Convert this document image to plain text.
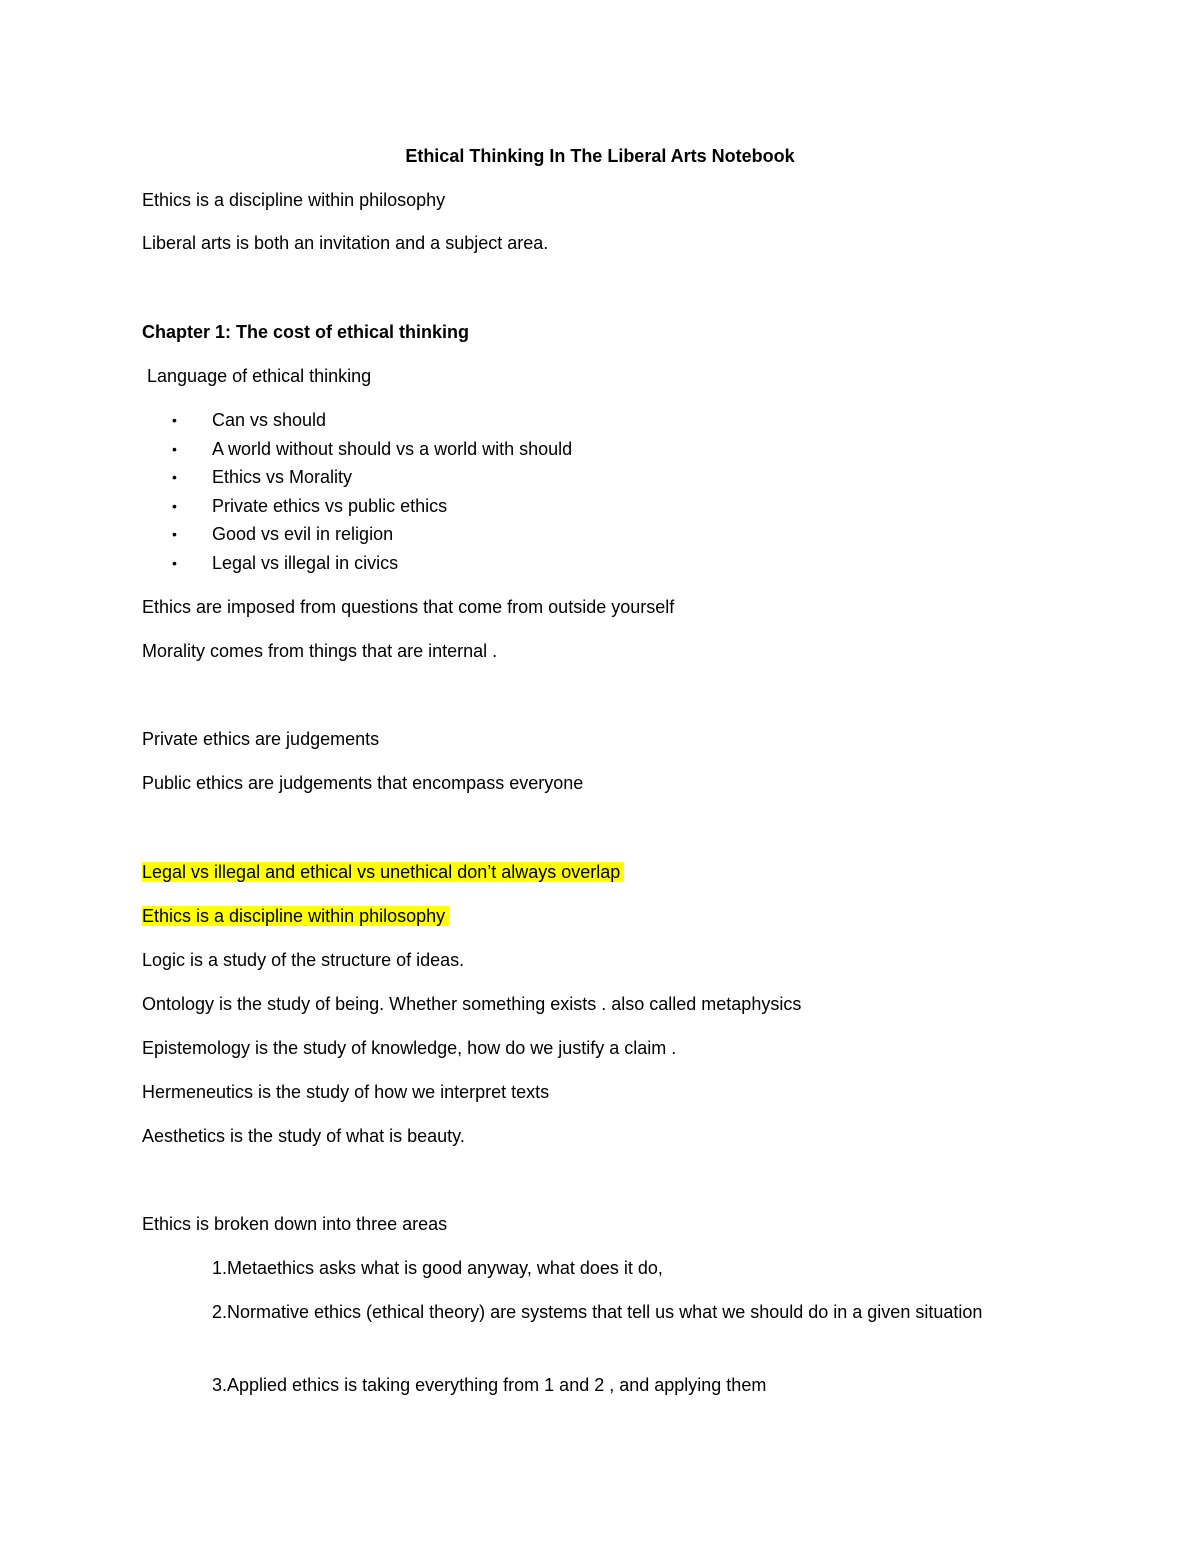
Ethical Thinking In The Liberal Arts Notebook
Ethics is a discipline within philosophy
Liberal arts is both an invitation and a subject area.
Chapter 1: The cost of ethical thinking
Language of ethical thinking
• Can vs should
• A world without should vs a world with should
• Ethics vs Morality
• Private ethics vs public ethics
• Good vs evil in religion
• Legal vs illegal in civics
Ethics are imposed from questions that come from outside yourself
Morality comes from things that are internal .
Private ethics are judgements
Public ethics are judgements that encompass everyone
Legal vs illegal and ethical vs unethical don’t always overlap
Ethics is a discipline within philosophy
Logic is a study of the structure of ideas.
Ontology is the study of being. Whether something exists . also called metaphysics
Epistemology is the study of knowledge, how do we justify a claim .
Hermeneutics is the study of how we interpret texts
Aesthetics is the study of what is beauty.
Ethics is broken down into three areas
1.Metaethics asks what is good anyway, what does it do,
2.Normative ethics (ethical theory) are systems that tell us what we should do in a given situation
3.Applied ethics is taking everything from 1 and 2 , and applying them
